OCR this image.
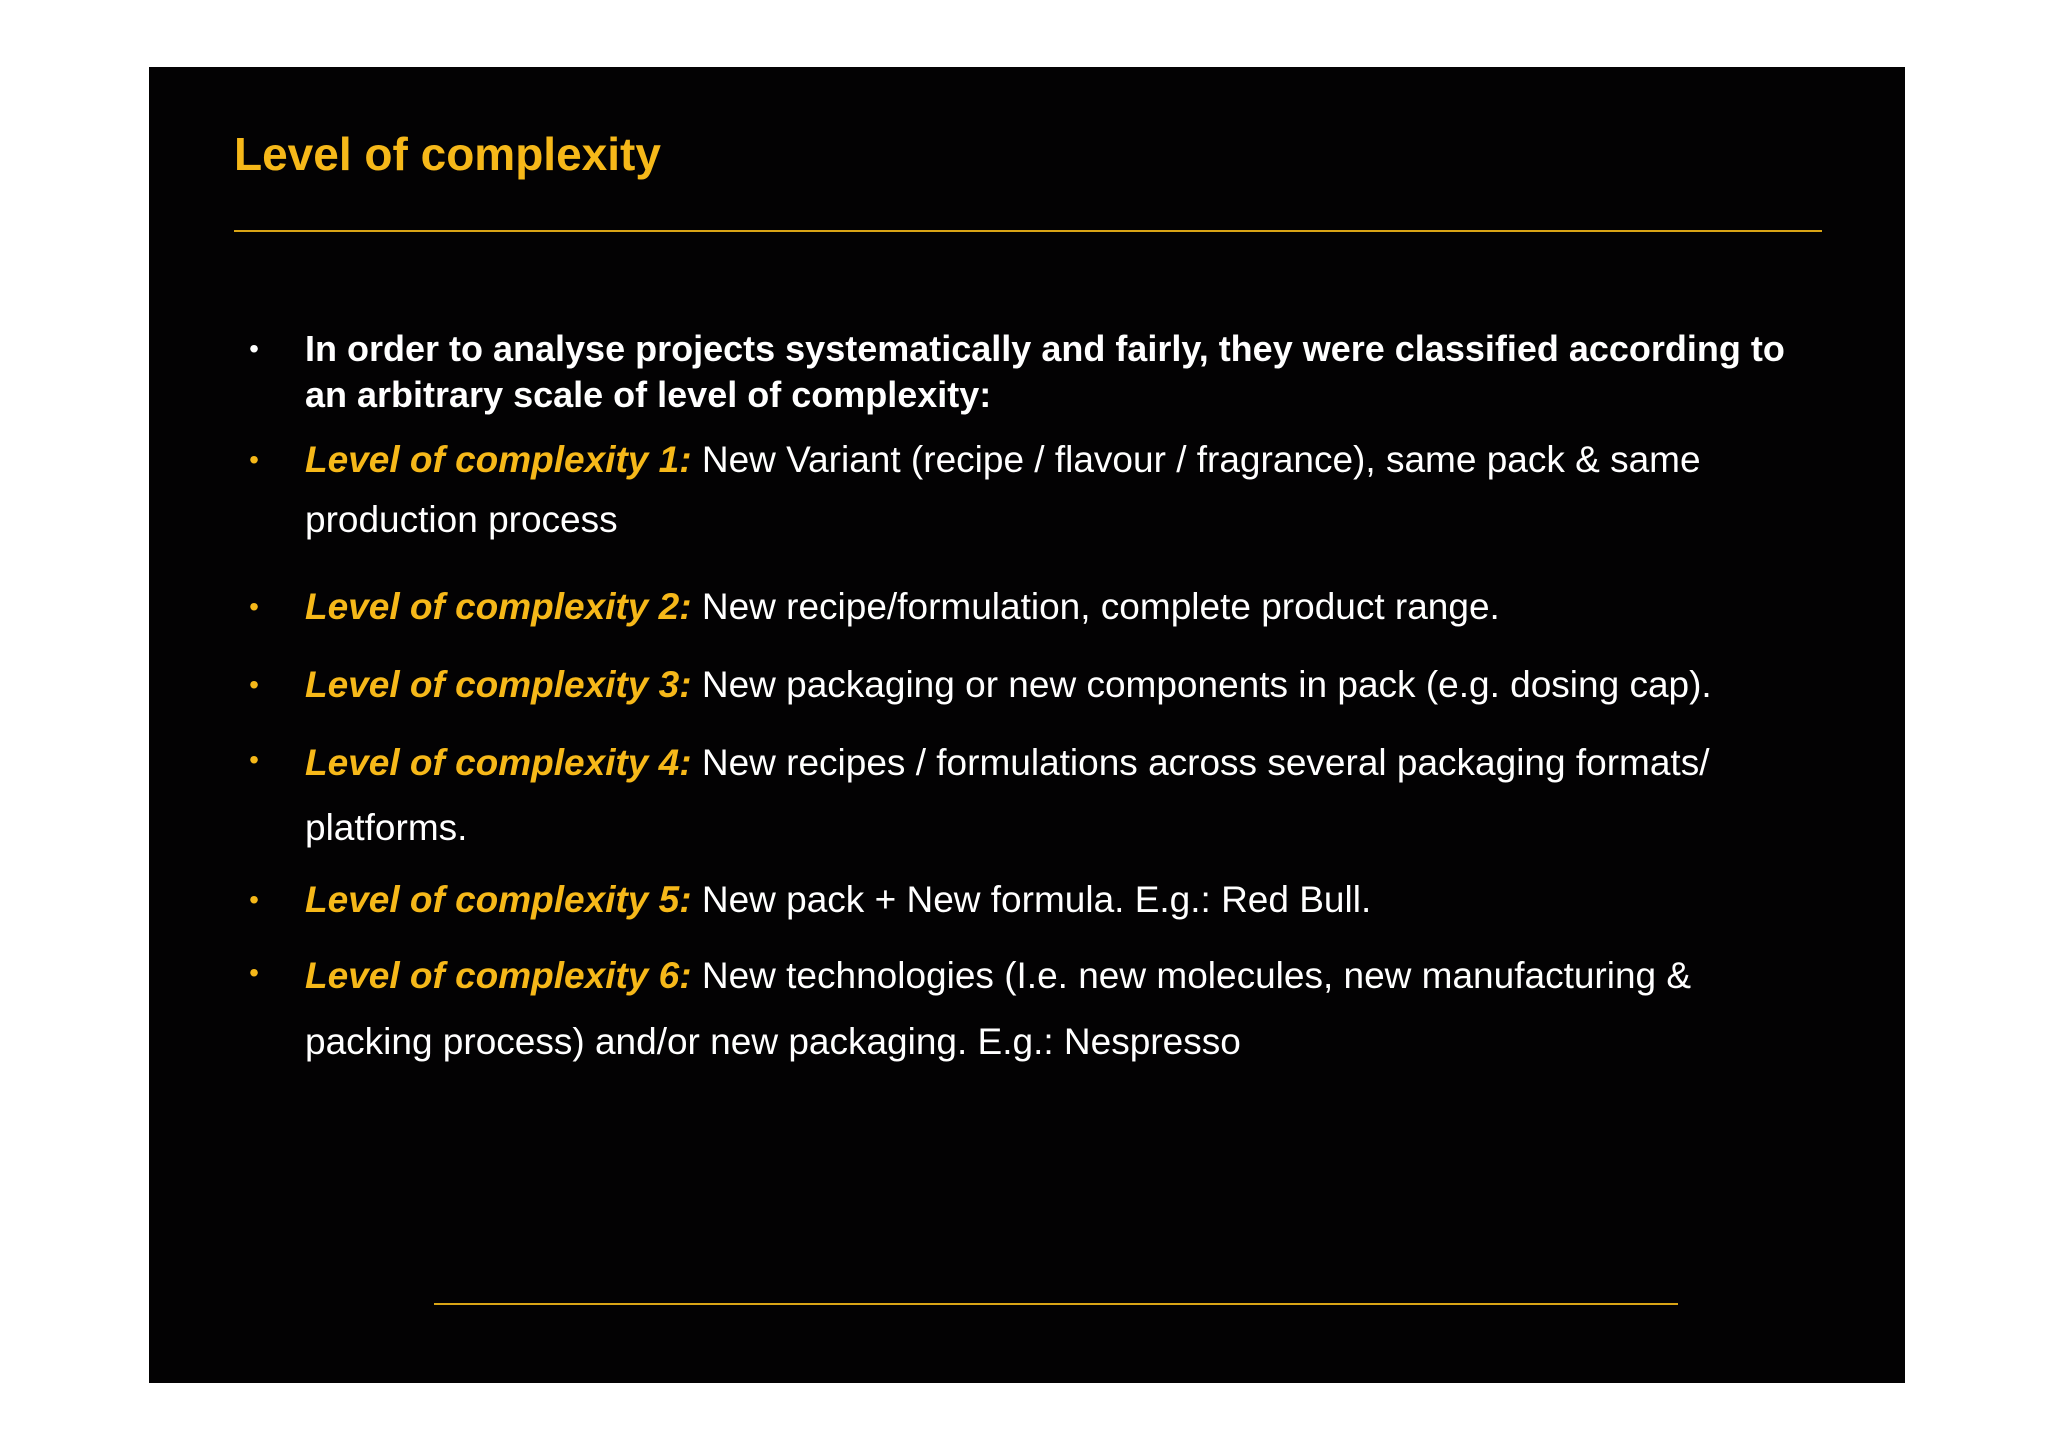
Level of complexity
•	In order to analyse projects systematically and fairly, they were classified according to an arbitrary scale of level of complexity:
•	Level of complexity 1: New Variant (recipe / flavour / fragrance), same pack & same production process
•	Level of complexity 2: New recipe/formulation, complete product range.
•	Level of complexity 3: New packaging or new components in pack (e.g. dosing cap).
•	Level of complexity 4: New recipes / formulations across several packaging formats/ platforms.
•	Level of complexity 5: New pack + New formula. E.g.: Red Bull.
•	Level of complexity 6: New technologies (I.e. new molecules, new manufacturing & packing process) and/or new packaging. E.g.: Nespresso
